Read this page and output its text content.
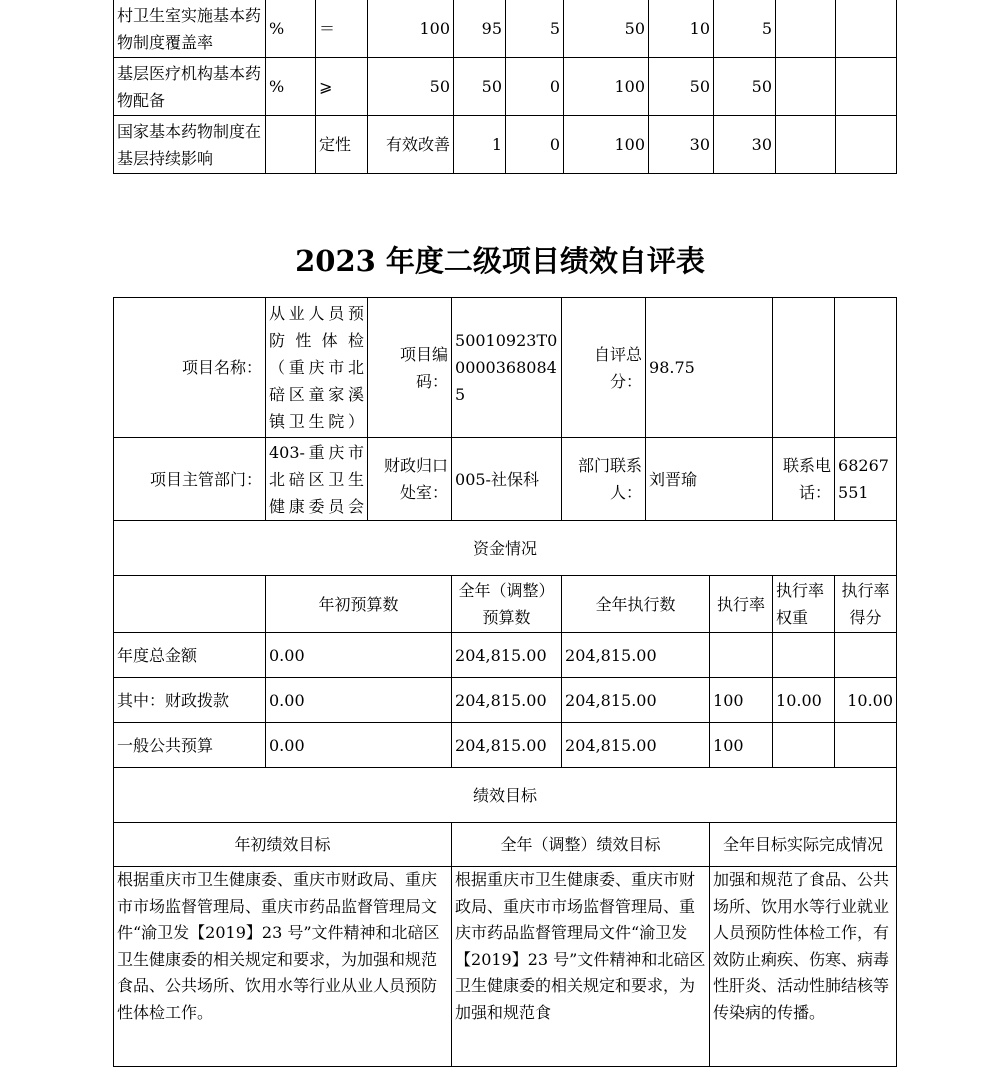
村卫生室实施基本药物制度覆盖率	%	＝	100	95	5	50	10	5		
基层医疗机构基本药物配备	%	⩾	50	50	0	100	50	50		
国家基本药物制度在基层持续影响		定性	有效改善	1	0	100	30	30		
2023 年度二级项目绩效自评表
项目名称：	从业人员预防性体检（重庆市北碚区童家溪镇卫生院）	项目编码：	50010923T000003680845	自评总分：	98.75			
项目主管部门：	403-重庆市北碚区卫生健康委员会	财政归口处室：	005-社保科	部门联系人：	刘晋瑜		联系电话：	68267551
资金情况								
	年初预算数		全年（调整）预算数	全年执行数		执行率	执行率权重	执行率得分
年度总金额	0.00		204,815.00	204,815.00				
其中：财政拨款	0.00		204,815.00	204,815.00		100	10.00	10.00
一般公共预算	0.00		204,815.00	204,815.00		100		
绩效目标								
年初绩效目标			全年（调整）绩效目标			全年目标实际完成情况		
根据重庆市卫生健康委、重庆市财政局、重庆市市场监督管理局、重庆市药品监督管理局文件“渝卫发【2019】23 号”文件精神和北碚区卫生健康委的相关规定和要求，为加强和规范食品、公共场所、饮用水等行业从业人员预防性体检工作。			根据重庆市卫生健康委、重庆市财政局、重庆市市场监督管理局、重庆市药品监督管理局文件“渝卫发【2019】23 号”文件精神和北碚区卫生健康委的相关规定和要求，为加强和规范食			加强和规范了食品、公共场所、饮用水等行业就业人员预防性体检工作，有效防止痢疾、伤寒、病毒性肝炎、活动性肺结核等传染病的传播。		
